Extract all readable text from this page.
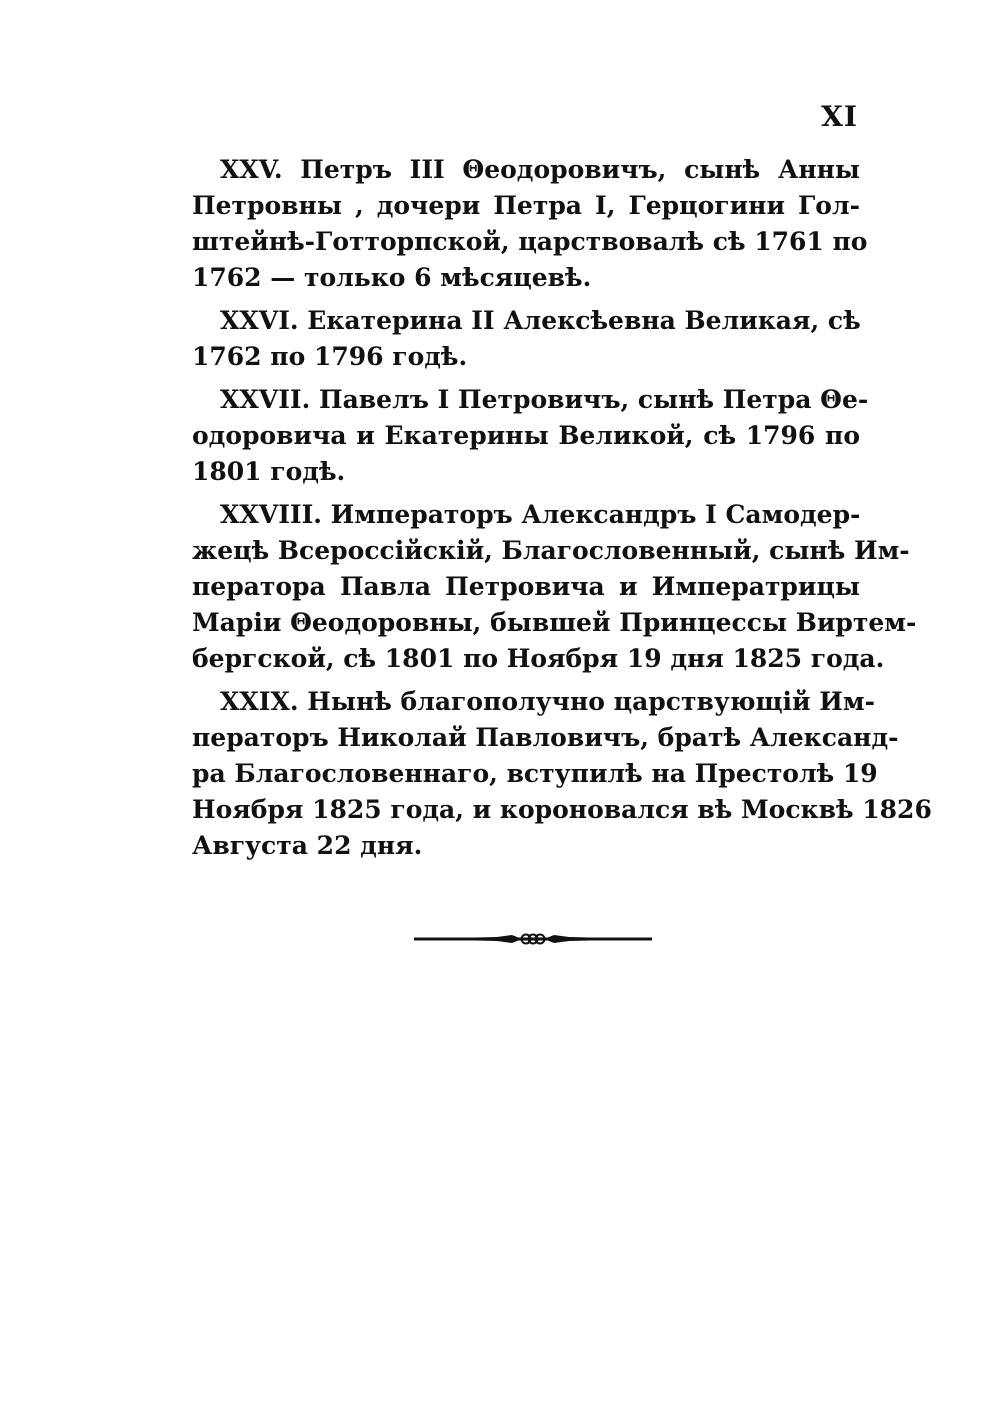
XI
XXV. Петръ III Θеодоровичъ, сынѣ Анны
Петровны , дочери Петра I, Герцогини Гол-
штейнѣ-Готторпской, царствовалѣ сѣ 1761 по
1762 — только 6 мѣсяцевѣ.
XXVI. Екатерина II Алексѣевна Великая, сѣ
1762 по 1796 годѣ.
XXVII. Павелъ I Петровичъ, сынѣ Петра Θе-
одоровича и Екатерины Великой, сѣ 1796 по
1801 годѣ.
XXVIII. Императоръ Александръ I Самодер-
жецѣ Всероссійскій, Благословенный, сынѣ Им-
ператора Павла Петровича и Императрицы
Маріи Θеодоровны, бывшей Принцессы Виртем-
бергской, сѣ 1801 по Ноября 19 дня 1825 года.
XXIX. Нынѣ благополучно царствующій Им-
ператоръ Николай Павловичъ, братѣ Александ-
ра Благословеннаго, вступилѣ на Престолѣ 19
Ноября 1825 года, и короновался вѣ Москвѣ 1826
Августа 22 дня.
